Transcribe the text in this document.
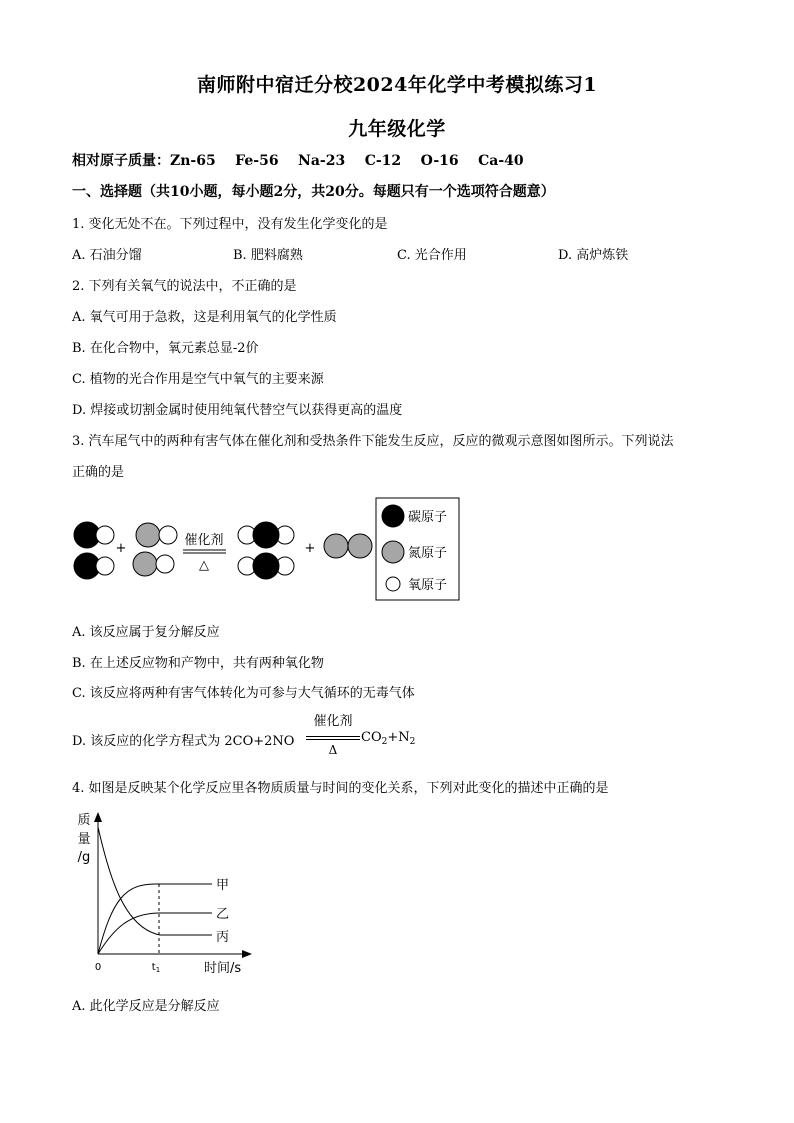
南师附中宿迁分校2024年化学中考模拟练习1
九年级化学
相对原子质量：Zn-65    Fe-56    Na-23    C-12    O-16    Ca-40
一、选择题（共10小题，每小题2分，共20分。每题只有一个选项符合题意）
1. 变化无处不在。下列过程中，没有发生化学变化的是
A. 石油分馏	B. 肥料腐熟	C. 光合作用	D. 高炉炼铁
2. 下列有关氧气的说法中，不正确的是
A. 氧气可用于急救，这是利用氧气的化学性质
B. 在化合物中，氧元素总显-2价
C. 植物的光合作用是空气中氧气的主要来源
D. 焊接或切割金属时使用纯氧代替空气以获得更高的温度
3. 汽车尾气中的两种有害气体在催化剂和受热条件下能发生反应，反应的微观示意图如图所示。下列说法
正确的是
+
催化剂
△
+
碳原子
氮原子
氧原子
A. 该反应属于复分解反应
B. 在上述反应物和产物中，共有两种氧化物
C. 该反应将两种有害气体转化为可参与大气循环的无毒气体
D. 该反应的化学方程式为 2CO+2NO
催化剂
Δ
$CO_2+N_2$
4. 如图是反映某个化学反应里各物质质量与时间的变化关系，下列对此变化的描述中正确的是
质
量
/g
甲
乙
丙
0	$t_1$	时间/s
A. 此化学反应是分解反应
